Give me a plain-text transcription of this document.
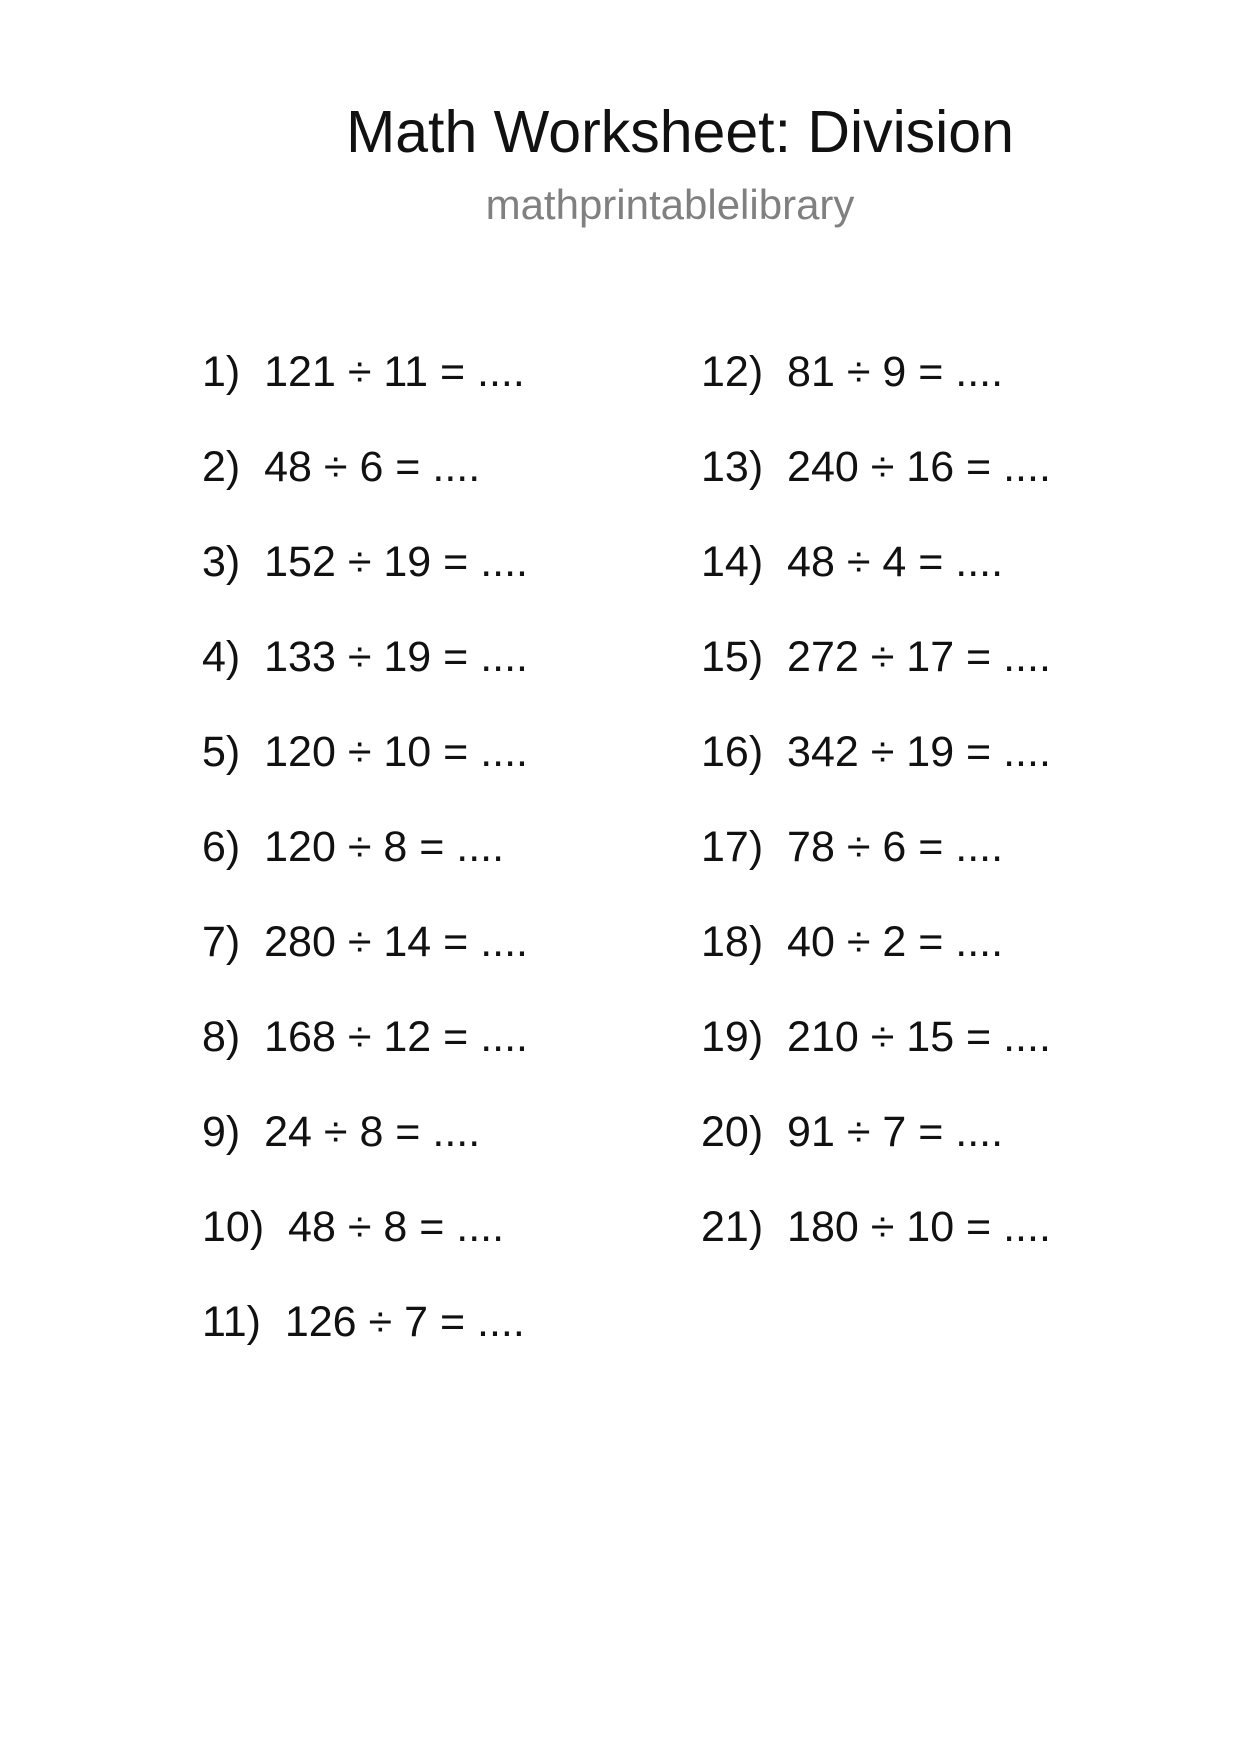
Math Worksheet: Division
mathprintablelibrary
1)  121 ÷ 11 = ....
2)  48 ÷ 6 = ....
3)  152 ÷ 19 = ....
4)  133 ÷ 19 = ....
5)  120 ÷ 10 = ....
6)  120 ÷ 8 = ....
7)  280 ÷ 14 = ....
8)  168 ÷ 12 = ....
9)  24 ÷ 8 = ....
10)  48 ÷ 8 = ....
11)  126 ÷ 7 = ....
12)  81 ÷ 9 = ....
13)  240 ÷ 16 = ....
14)  48 ÷ 4 = ....
15)  272 ÷ 17 = ....
16)  342 ÷ 19 = ....
17)  78 ÷ 6 = ....
18)  40 ÷ 2 = ....
19)  210 ÷ 15 = ....
20)  91 ÷ 7 = ....
21)  180 ÷ 10 = ....
